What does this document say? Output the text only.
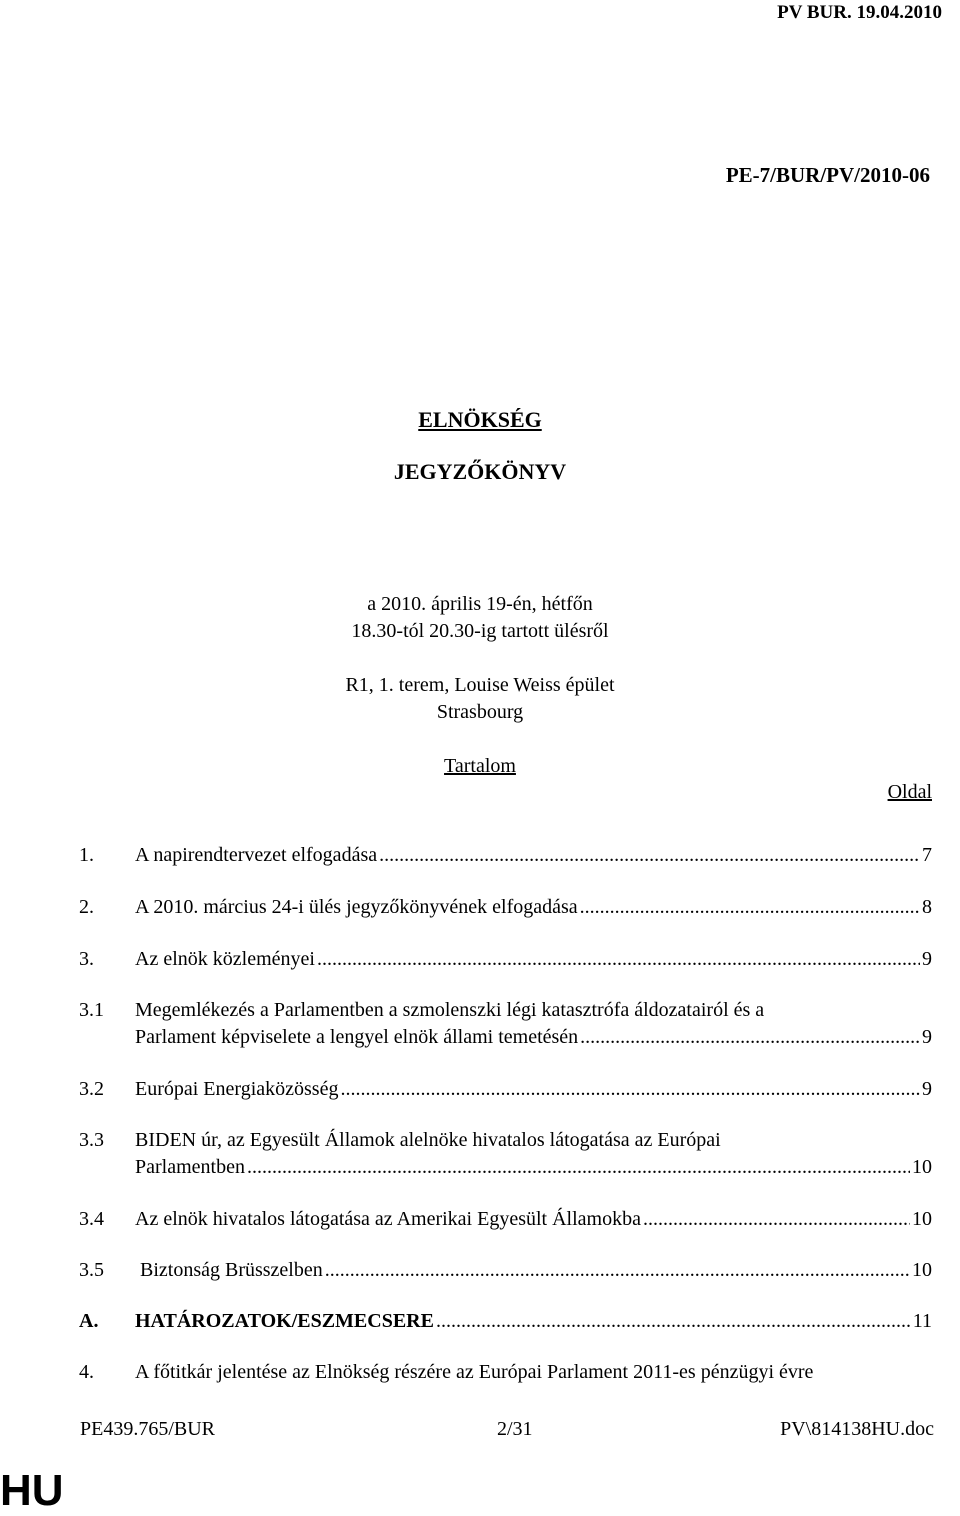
PV BUR. 19.04.2010
PE-7/BUR/PV/2010-06
ELNÖKSÉG
JEGYZŐKÖNYV
a 2010. április 19-én, hétfőn
18.30-tól 20.30-ig tartott ülésről
R1, 1. terem, Louise Weiss épület
Strasbourg
Tartalom
Oldal
1. A napirendtervezet elfogadása .....	7
2. A 2010. március 24-i ülés jegyzőkönyvének elfogadása .....	8
3. Az elnök közleményei .....	9
3.1 Megemlékezés a Parlamentben a szmolenszki légi katasztrófa áldozatairól és a
Parlament képviselete a lengyel elnök állami temetésén .....	9
3.2 Európai Energiaközösség .....	9
3.3 BIDEN úr, az Egyesült Államok alelnöke hivatalos látogatása az Európai
Parlamentben .....	10
3.4 Az elnök hivatalos látogatása az Amerikai Egyesült Államokba .....	10
3.5 Biztonság Brüsszelben .....	10
A. HATÁROZATOK/ESZMECSERE .....	11
4. A főtitkár jelentése az Elnökség részére az Európai Parlament 2011-es pénzügyi évre
PE439.765/BUR	2/31	PV\814138HU.doc
HU
